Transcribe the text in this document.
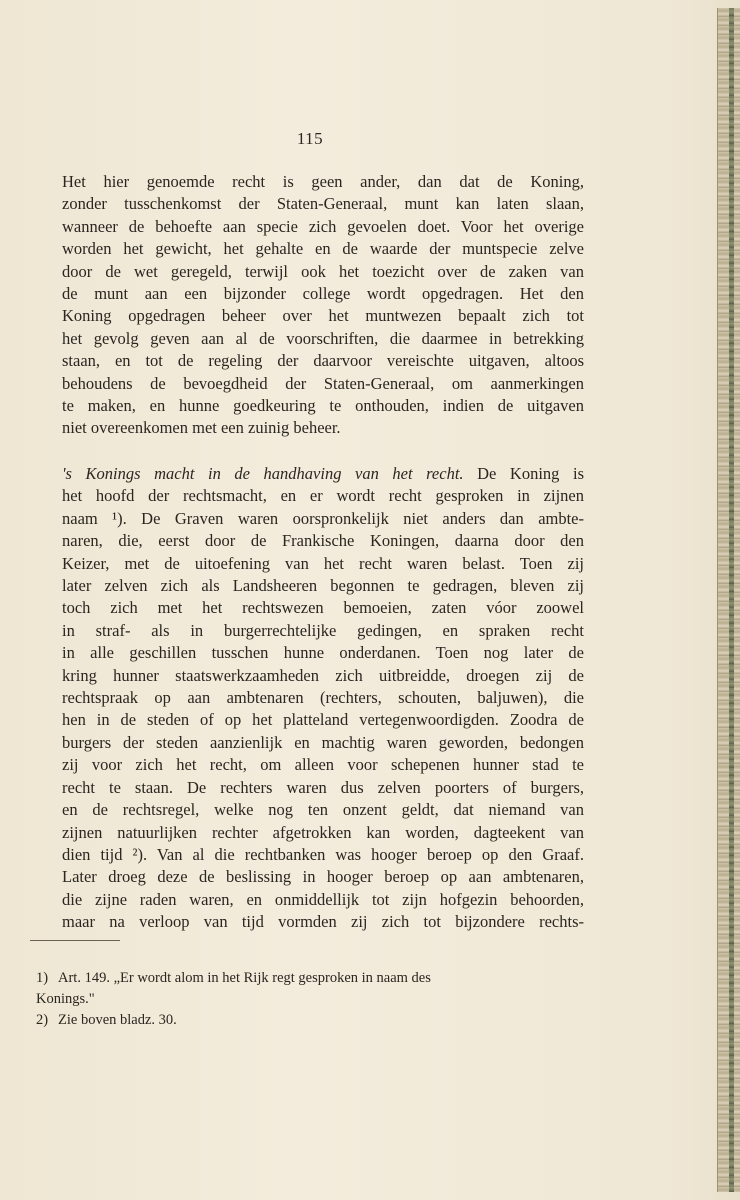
115
Het hier genoemde recht is geen ander, dan dat de Koning,
zonder tusschenkomst der Staten-Generaal, munt kan laten slaan,
wanneer de behoefte aan specie zich gevoelen doet. Voor het overige
worden het gewicht, het gehalte en de waarde der muntspecie zelve
door de wet geregeld, terwijl ook het toezicht over de zaken van
de munt aan een bijzonder college wordt opgedragen. Het den
Koning opgedragen beheer over het muntwezen bepaalt zich tot
het gevolg geven aan al de voorschriften, die daarmee in betrekking
staan, en tot de regeling der daarvoor vereischte uitgaven, altoos
behoudens de bevoegdheid der Staten-Generaal, om aanmerkingen
te maken, en hunne goedkeuring te onthouden, indien de uitgaven
niet overeenkomen met een zuinig beheer.
's Konings macht in de handhaving van het recht. De Koning is
het hoofd der rechtsmacht, en er wordt recht gesproken in zijnen
naam ¹). De Graven waren oorspronkelijk niet anders dan ambte-
naren, die, eerst door de Frankische Koningen, daarna door den
Keizer, met de uitoefening van het recht waren belast. Toen zij
later zelven zich als Landsheeren begonnen te gedragen, bleven zij
toch zich met het rechtswezen bemoeien, zaten vóor zoowel
in straf- als in burgerrechtelijke gedingen, en spraken recht
in alle geschillen tusschen hunne onderdanen. Toen nog later de
kring hunner staatswerkzaamheden zich uitbreidde, droegen zij de
rechtspraak op aan ambtenaren (rechters, schouten, baljuwen), die
hen in de steden of op het platteland vertegenwoordigden. Zoodra de
burgers der steden aanzienlijk en machtig waren geworden, bedongen
zij voor zich het recht, om alleen voor schepenen hunner stad te
recht te staan. De rechters waren dus zelven poorters of burgers,
en de rechtsregel, welke nog ten onzent geldt, dat niemand van
zijnen natuurlijken rechter afgetrokken kan worden, dagteekent van
dien tijd ²). Van al die rechtbanken was hooger beroep op den Graaf.
Later droeg deze de beslissing in hooger beroep op aan ambtenaren,
die zijne raden waren, en onmiddellijk tot zijn hofgezin behoorden,
maar na verloop van tijd vormden zij zich tot bijzondere rechts-
1) Art. 149. „Er wordt alom in het Rijk regt gesproken in naam des
Konings."
2) Zie boven bladz. 30.
